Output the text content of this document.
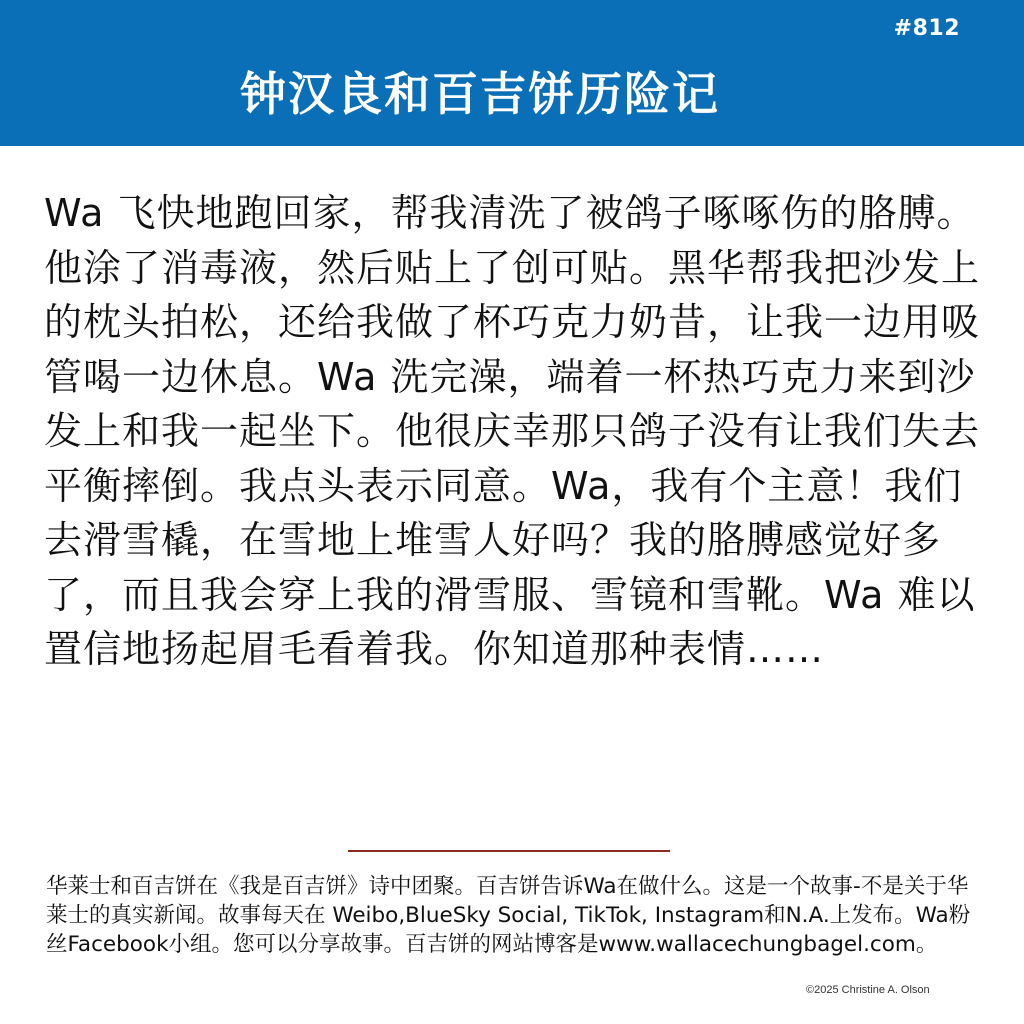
#812
钟汉良和百吉饼历险记
Wa 飞快地跑回家，帮我清洗了被鸽子啄啄伤的胳膊。他涂了消毒液，然后贴上了创可贴。黑华帮我把沙发上的枕头拍松，还给我做了杯巧克力奶昔，让我一边用吸管喝一边休息。Wa 洗完澡，端着一杯热巧克力来到沙发上和我一起坐下。他很庆幸那只鸽子没有让我们失去平衡摔倒。我点头表示同意。Wa，我有个主意！我们去滑雪橇，在雪地上堆雪人好吗？我的胳膊感觉好多了，而且我会穿上我的滑雪服、雪镜和雪靴。Wa 难以置信地扬起眉毛看着我。你知道那种表情……
华莱士和百吉饼在《我是百吉饼》诗中团聚。百吉饼告诉Wa在做什么。这是一个故事-不是关于华莱士的真实新闻。故事每天在 Weibo,BlueSky Social, TikTok, Instagram和N.A.上发布。Wa粉丝Facebook小组。您可以分享故事。百吉饼的网站博客是www.wallacechungbagel.com。
©2025 Christine A. Olson
